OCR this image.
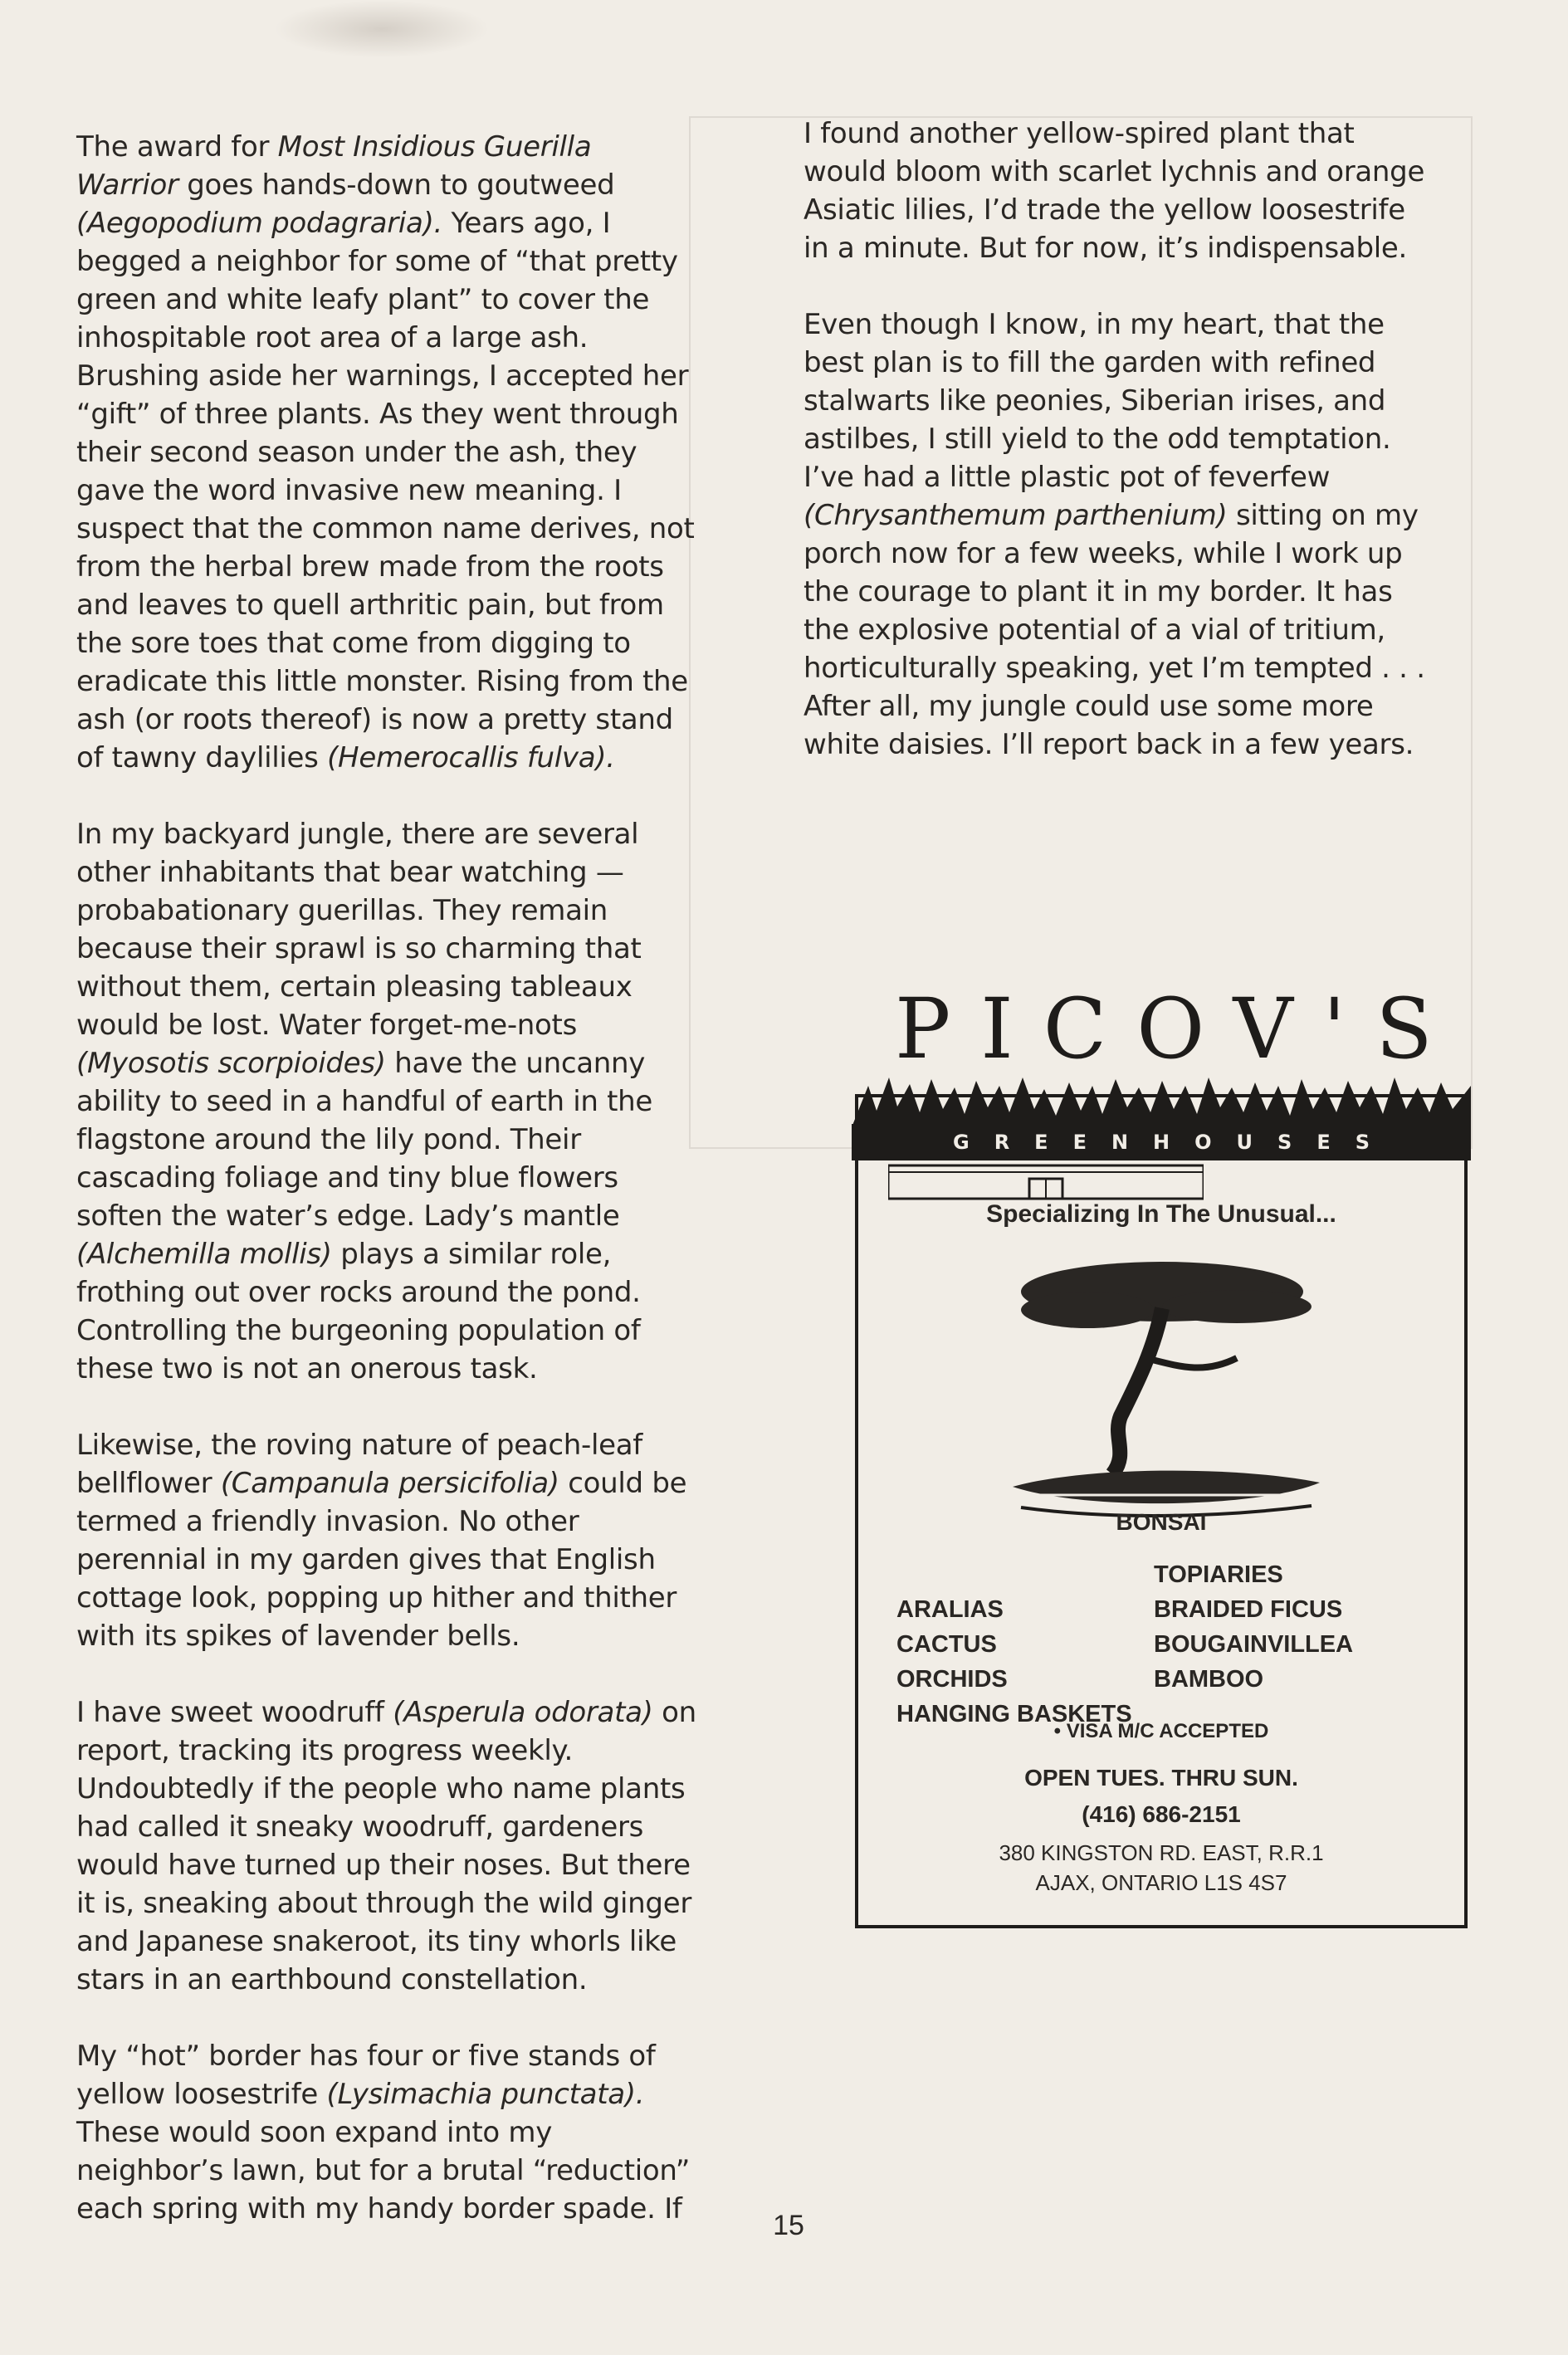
The award for Most Insidious Guerilla
Warrior goes hands-down to goutweed
(Aegopodium podagraria). Years ago, I
begged a neighbor for some of “that pretty
green and white leafy plant” to cover the
inhospitable root area of a large ash.
Brushing aside her warnings, I accepted her
“gift” of three plants. As they went through
their second season under the ash, they
gave the word invasive new meaning. I
suspect that the common name derives, not
from the herbal brew made from the roots
and leaves to quell arthritic pain, but from
the sore toes that come from digging to
eradicate this little monster. Rising from the
ash (or roots thereof) is now a pretty stand
of tawny daylilies (Hemerocallis fulva).

In my backyard jungle, there are several
other inhabitants that bear watching —
probabationary guerillas. They remain
because their sprawl is so charming that
without them, certain pleasing tableaux
would be lost. Water forget-me-nots
(Myosotis scorpioides) have the uncanny
ability to seed in a handful of earth in the
flagstone around the lily pond. Their
cascading foliage and tiny blue flowers
soften the water’s edge. Lady’s mantle
(Alchemilla mollis) plays a similar role,
frothing out over rocks around the pond.
Controlling the burgeoning population of
these two is not an onerous task.

Likewise, the roving nature of peach-leaf
bellflower (Campanula persicifolia) could be
termed a friendly invasion. No other
perennial in my garden gives that English
cottage look, popping up hither and thither
with its spikes of lavender bells.

I have sweet woodruff (Asperula odorata) on
report, tracking its progress weekly.
Undoubtedly if the people who name plants
had called it sneaky woodruff, gardeners
would have turned up their noses. But there
it is, sneaking about through the wild ginger
and Japanese snakeroot, its tiny whorls like
stars in an earthbound constellation.

My “hot” border has four or five stands of
yellow loosestrife (Lysimachia punctata).
These would soon expand into my
neighbor’s lawn, but for a brutal “reduction”
each spring with my handy border spade. If

I found another yellow-spired plant that
would bloom with scarlet lychnis and orange
Asiatic lilies, I’d trade the yellow loosestrife
in a minute. But for now, it’s indispensable.

Even though I know, in my heart, that the
best plan is to fill the garden with refined
stalwarts like peonies, Siberian irises, and
astilbes, I still yield to the odd temptation.
I’ve had a little plastic pot of feverfew
(Chrysanthemum parthenium) sitting on my
porch now for a few weeks, while I work up
the courage to plant it in my border. It has
the explosive potential of a vial of tritium,
horticulturally speaking, yet I’m tempted . . .
After all, my jungle could use some more
white daisies. I’ll report back in a few years.

PICOV'S
GREENHOUSES
Specializing In The Unusual...
BONSAI
TOPIARIES
ARALIAS	BRAIDED FICUS
CACTUS	BOUGAINVILLEA
ORCHIDS	BAMBOO
HANGING BASKETS
• VISA M/C ACCEPTED
OPEN TUES. THRU SUN.
(416) 686-2151
380 KINGSTON RD. EAST, R.R.1
AJAX, ONTARIO L1S 4S7
15
